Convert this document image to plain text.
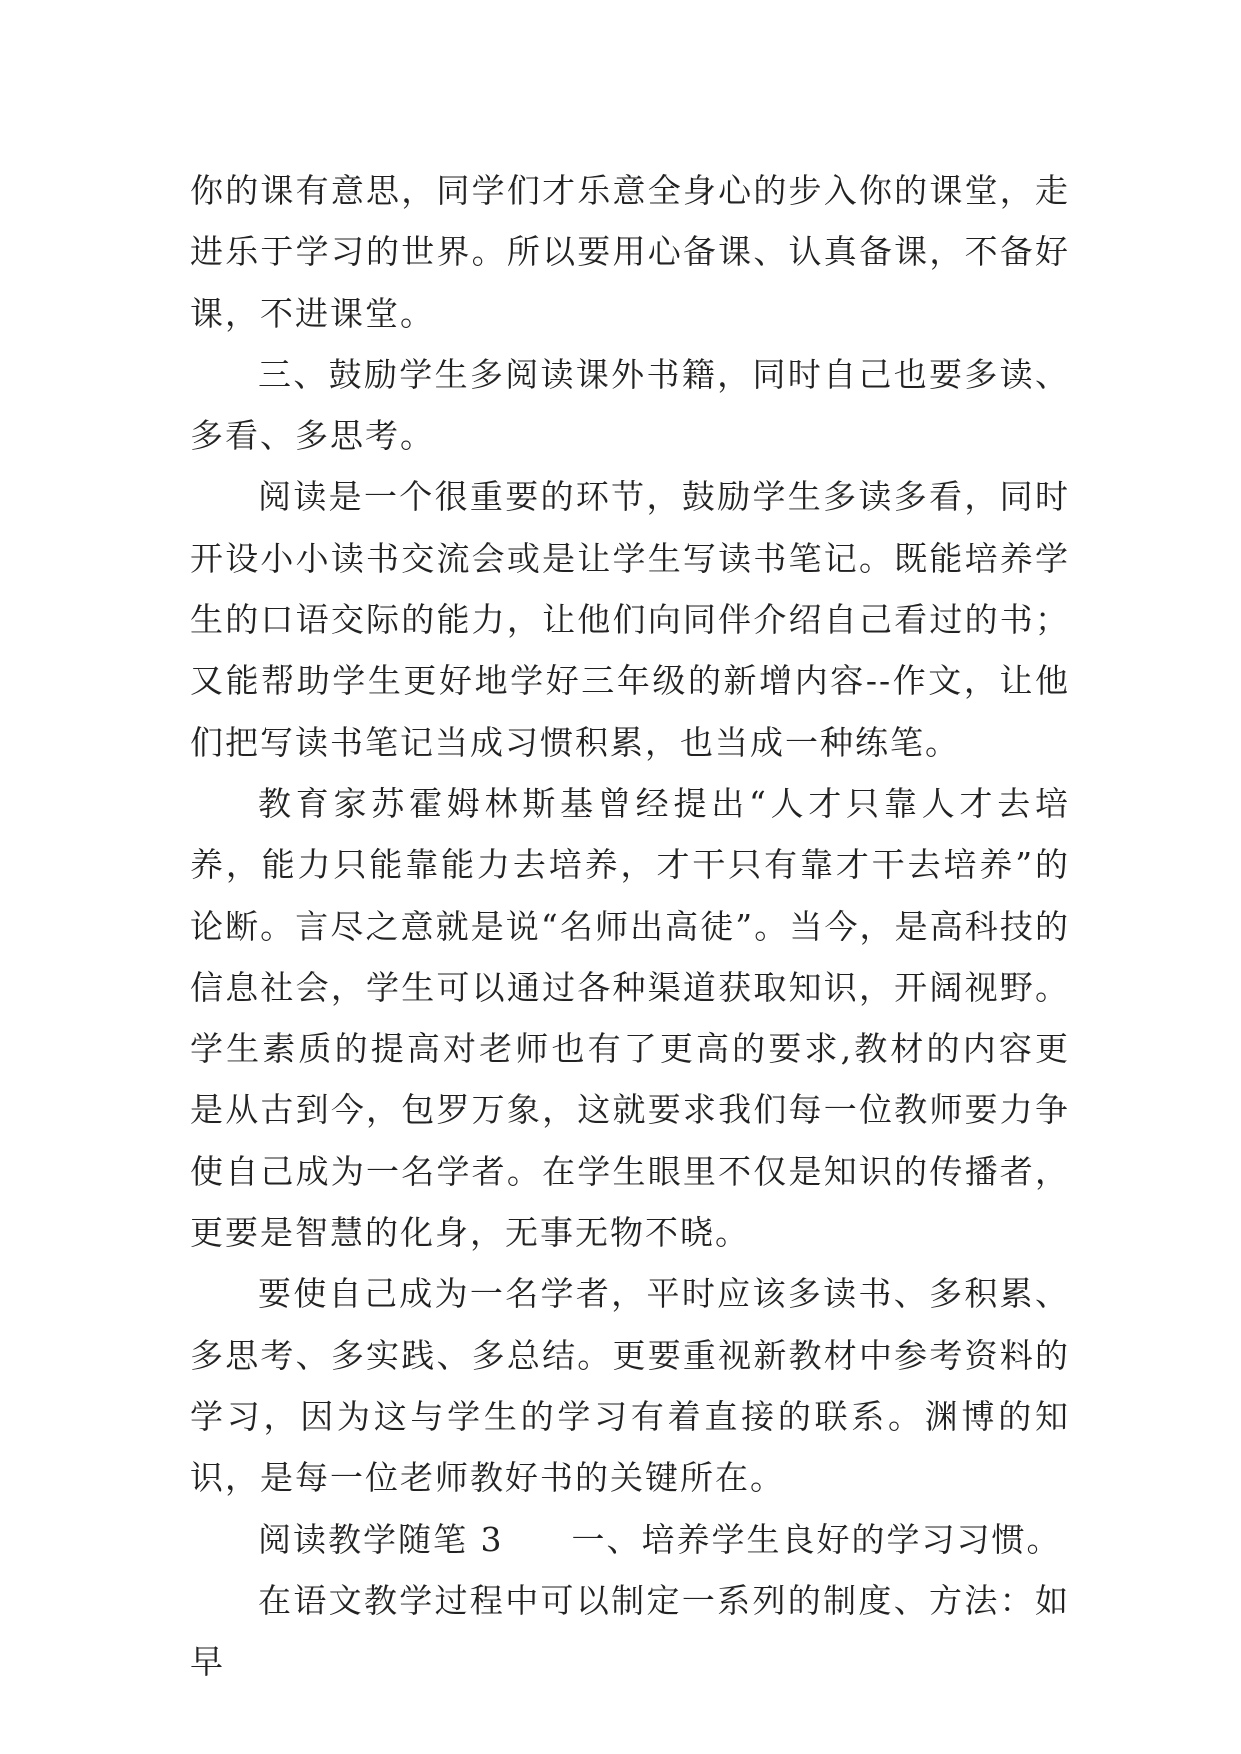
你的课有意思，同学们才乐意全身心的步入你的课堂，走进乐于学习的世界。所以要用心备课、认真备课，不备好课，不进课堂。

三、鼓励学生多阅读课外书籍，同时自己也要多读、多看、多思考。

阅读是一个很重要的环节，鼓励学生多读多看，同时开设小小读书交流会或是让学生写读书笔记。既能培养学生的口语交际的能力，让他们向同伴介绍自己看过的书；又能帮助学生更好地学好三年级的新增内容--作文，让他们把写读书笔记当成习惯积累，也当成一种练笔。

教育家苏霍姆林斯基曾经提出“人才只靠人才去培养，能力只能靠能力去培养，才干只有靠才干去培养”的论断。言尽之意就是说“名师出高徒”。当今，是高科技的信息社会，学生可以通过各种渠道获取知识，开阔视野。学生素质的提高对老师也有了更高的要求,教材的内容更是从古到今，包罗万象，这就要求我们每一位教师要力争使自己成为一名学者。在学生眼里不仅是知识的传播者，更要是智慧的化身，无事无物不晓。

要使自己成为一名学者，平时应该多读书、多积累、多思考、多实践、多总结。更要重视新教材中参考资料的学习，因为这与学生的学习有着直接的联系。渊博的知识，是每一位老师教好书的关键所在。

阅读教学随笔 3 一、培养学生良好的学习习惯。

在语文教学过程中可以制定一系列的制度、方法：如早
